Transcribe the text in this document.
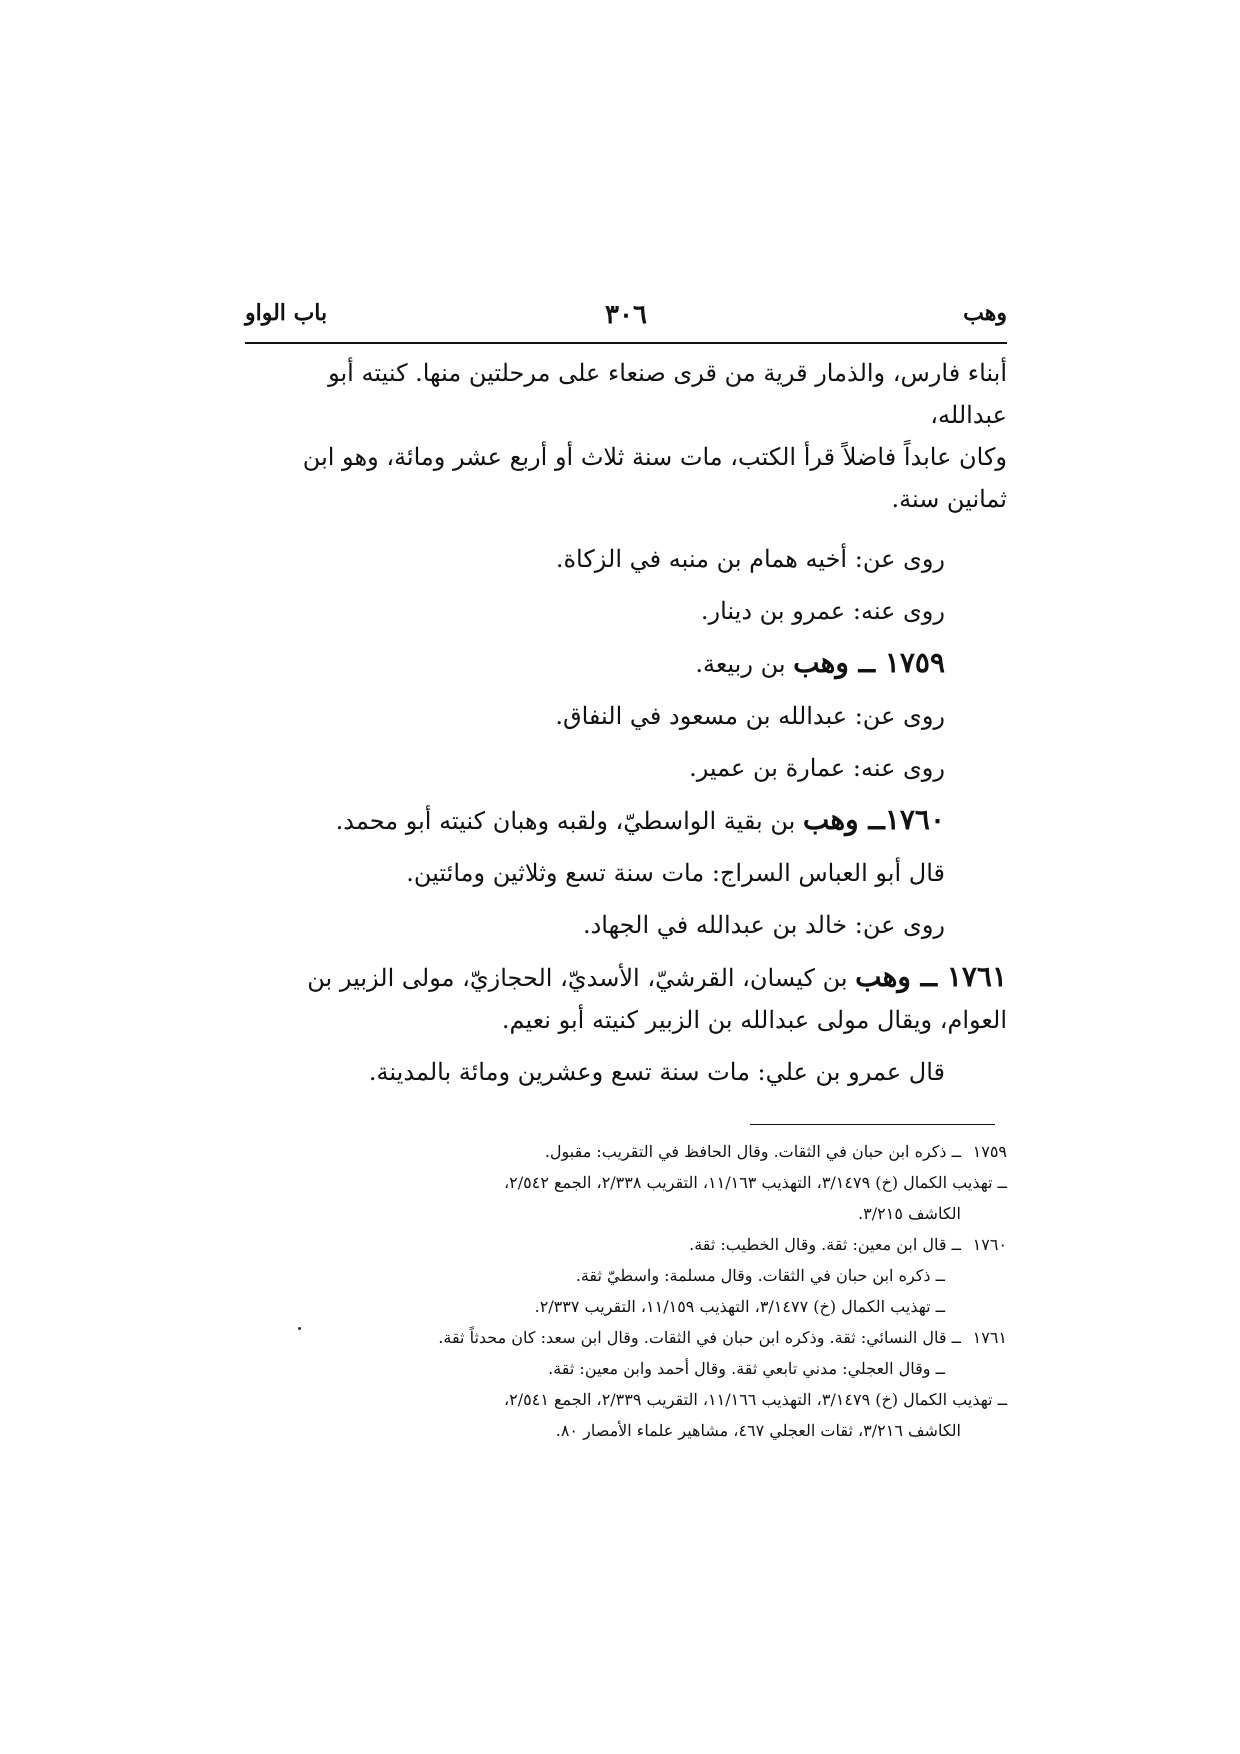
وهب
٣٠٦
باب الواو

أبناء فارس، والذمار قرية من قرى صنعاء على مرحلتين منها. كنيته أبو عبدالله،

وكان عابداً فاضلاً قرأ الكتب، مات سنة ثلاث أو أربع عشر ومائة، وهو ابن

ثمانين سنة.

روى عن: أخيه همام بن منبه في الزكاة.

روى عنه: عمرو بن دينار.

١٧٥٩ ــ وهب بن ربيعة.

روى عن: عبدالله بن مسعود في النفاق.

روى عنه: عمارة بن عمير.

١٧٦٠ــ وهب بن بقية الواسطيّ، ولقبه وهبان كنيته أبو محمد.

قال أبو العباس السراج: مات سنة تسع وثلاثين ومائتين.

روى عن: خالد بن عبدالله في الجهاد.

١٧٦١ ــ وهب بن كيسان، القرشيّ، الأسديّ، الحجازيّ، مولى الزبير بن

العوام، ويقال مولى عبدالله بن الزبير كنيته أبو نعيم.

قال عمرو بن علي: مات سنة تسع وعشرين ومائة بالمدينة.

١٧٥٩ــ ذكره ابن حبان في الثقات. وقال الحافظ في التقريب: مقبول.

ــ تهذيب الكمال (خ) ٣/١٤٧٩، التهذيب ١١/١٦٣، التقريب ٢/٣٣٨، الجمع ٢/٥٤٢،

الكاشف ٣/٢١٥.

١٧٦٠ــ قال ابن معين: ثقة. وقال الخطيب: ثقة.

ــ ذكره ابن حبان في الثقات. وقال مسلمة: واسطيّ ثقة.

ــ تهذيب الكمال (خ) ٣/١٤٧٧، التهذيب ١١/١٥٩، التقريب ٢/٣٣٧.

١٧٦١ــ قال النسائي: ثقة. وذكره ابن حبان في الثقات. وقال ابن سعد: كان محدثاً ثقة.

ــ وقال العجلي: مدني تابعي ثقة. وقال أحمد وابن معين: ثقة.

ــ تهذيب الكمال (خ) ٣/١٤٧٩، التهذيب ١١/١٦٦، التقريب ٢/٣٣٩، الجمع ٢/٥٤١،

الكاشف ٣/٢١٦، ثقات العجلي ٤٦٧، مشاهير علماء الأمصار ٨٠.
